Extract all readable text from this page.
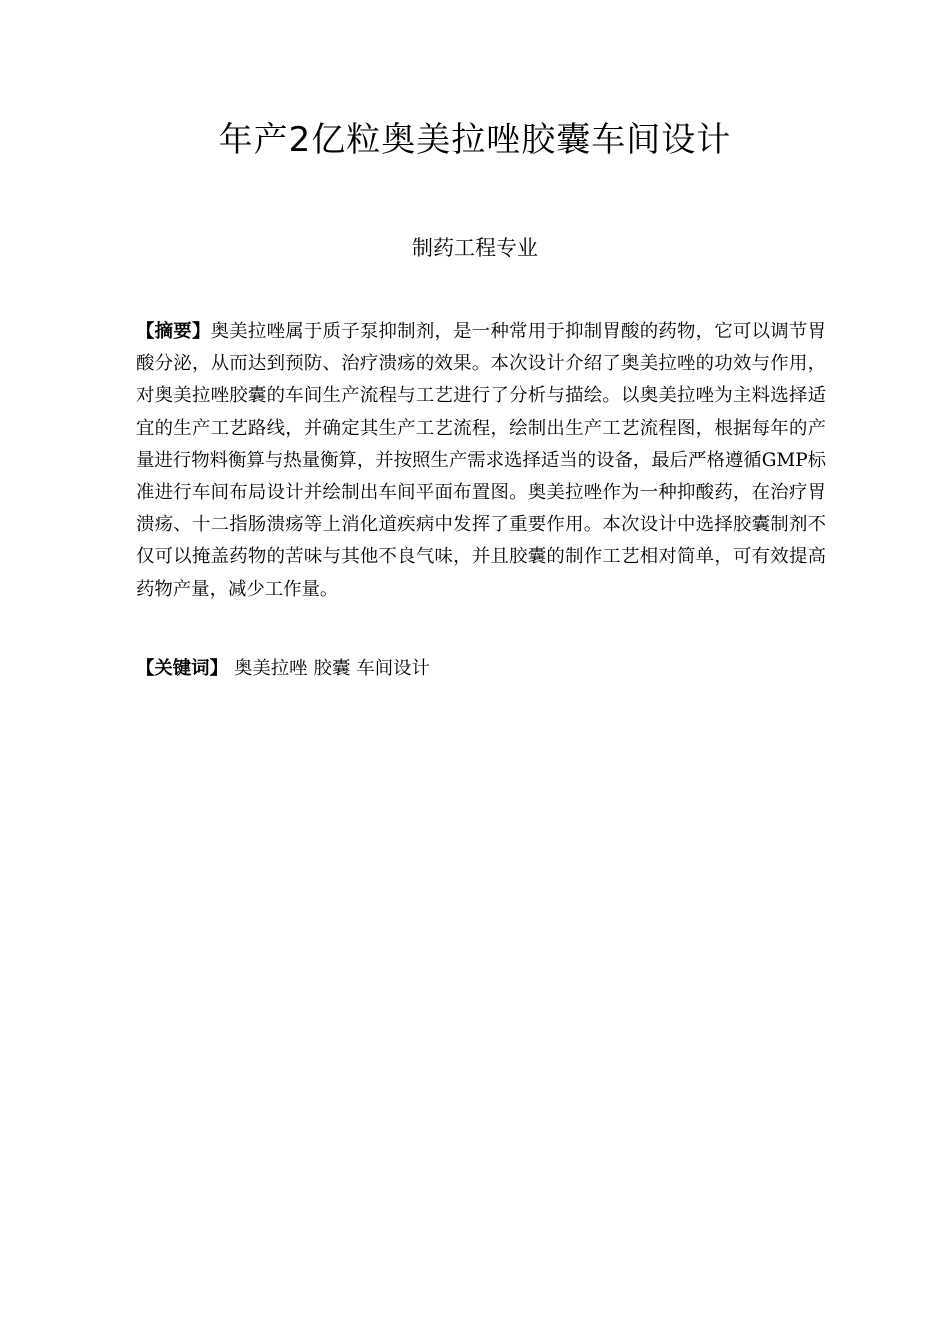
年产2亿粒奥美拉唑胶囊车间设计

制药工程专业

【摘要】奥美拉唑属于质子泵抑制剂，是一种常用于抑制胃酸的药物，它可以调节胃酸分泌，从而达到预防、治疗溃疡的效果。本次设计介绍了奥美拉唑的功效与作用，对奥美拉唑胶囊的车间生产流程与工艺进行了分析与描绘。以奥美拉唑为主料选择适宜的生产工艺路线，并确定其生产工艺流程，绘制出生产工艺流程图，根据每年的产量进行物料衡算与热量衡算，并按照生产需求选择适当的设备，最后严格遵循GMP标准进行车间布局设计并绘制出车间平面布置图。奥美拉唑作为一种抑酸药，在治疗胃溃疡、十二指肠溃疡等上消化道疾病中发挥了重要作用。本次设计中选择胶囊制剂不仅可以掩盖药物的苦味与其他不良气味，并且胶囊的制作工艺相对简单，可有效提高药物产量，减少工作量。

【关键词】 奥美拉唑 胶囊 车间设计
